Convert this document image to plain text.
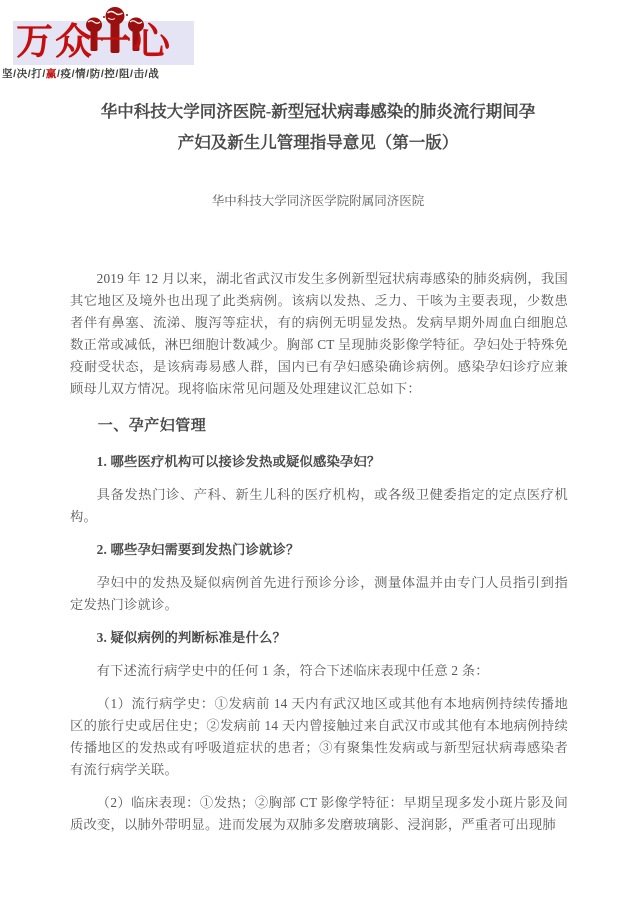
万众一心
坚/决/打/赢/疫/情/防/控/阻/击/战
华中科技大学同济医院-新型冠状病毒感染的肺炎流行期间孕
产妇及新生儿管理指导意见（第一版）
华中科技大学同济医学院附属同济医院

2019 年 12 月以来，湖北省武汉市发生多例新型冠状病毒感染的肺炎病例，我国其它地区及境外也出现了此类病例。该病以发热、乏力、干咳为主要表现，少数患者伴有鼻塞、流涕、腹泻等症状，有的病例无明显发热。发病早期外周血白细胞总数正常或减低，淋巴细胞计数减少。胸部 CT 呈现肺炎影像学特征。孕妇处于特殊免疫耐受状态，是该病毒易感人群，国内已有孕妇感染确诊病例。感染孕妇诊疗应兼顾母儿双方情况。现将临床常见问题及处理建议汇总如下：

一、孕产妇管理

1. 哪些医疗机构可以接诊发热或疑似感染孕妇？

具备发热门诊、产科、新生儿科的医疗机构，或各级卫健委指定的定点医疗机构。

2. 哪些孕妇需要到发热门诊就诊？

孕妇中的发热及疑似病例首先进行预诊分诊，测量体温并由专门人员指引到指定发热门诊就诊。

3. 疑似病例的判断标准是什么？

有下述流行病学史中的任何 1 条，符合下述临床表现中任意 2 条：

（1）流行病学史：①发病前 14 天内有武汉地区或其他有本地病例持续传播地区的旅行史或居住史；②发病前 14 天内曾接触过来自武汉市或其他有本地病例持续传播地区的发热或有呼吸道症状的患者；③有聚集性发病或与新型冠状病毒感染者有流行病学关联。

（2）临床表现：①发热；②胸部 CT 影像学特征：早期呈现多发小斑片影及间质改变，以肺外带明显。进而发展为双肺多发磨玻璃影、浸润影，严重者可出现肺
